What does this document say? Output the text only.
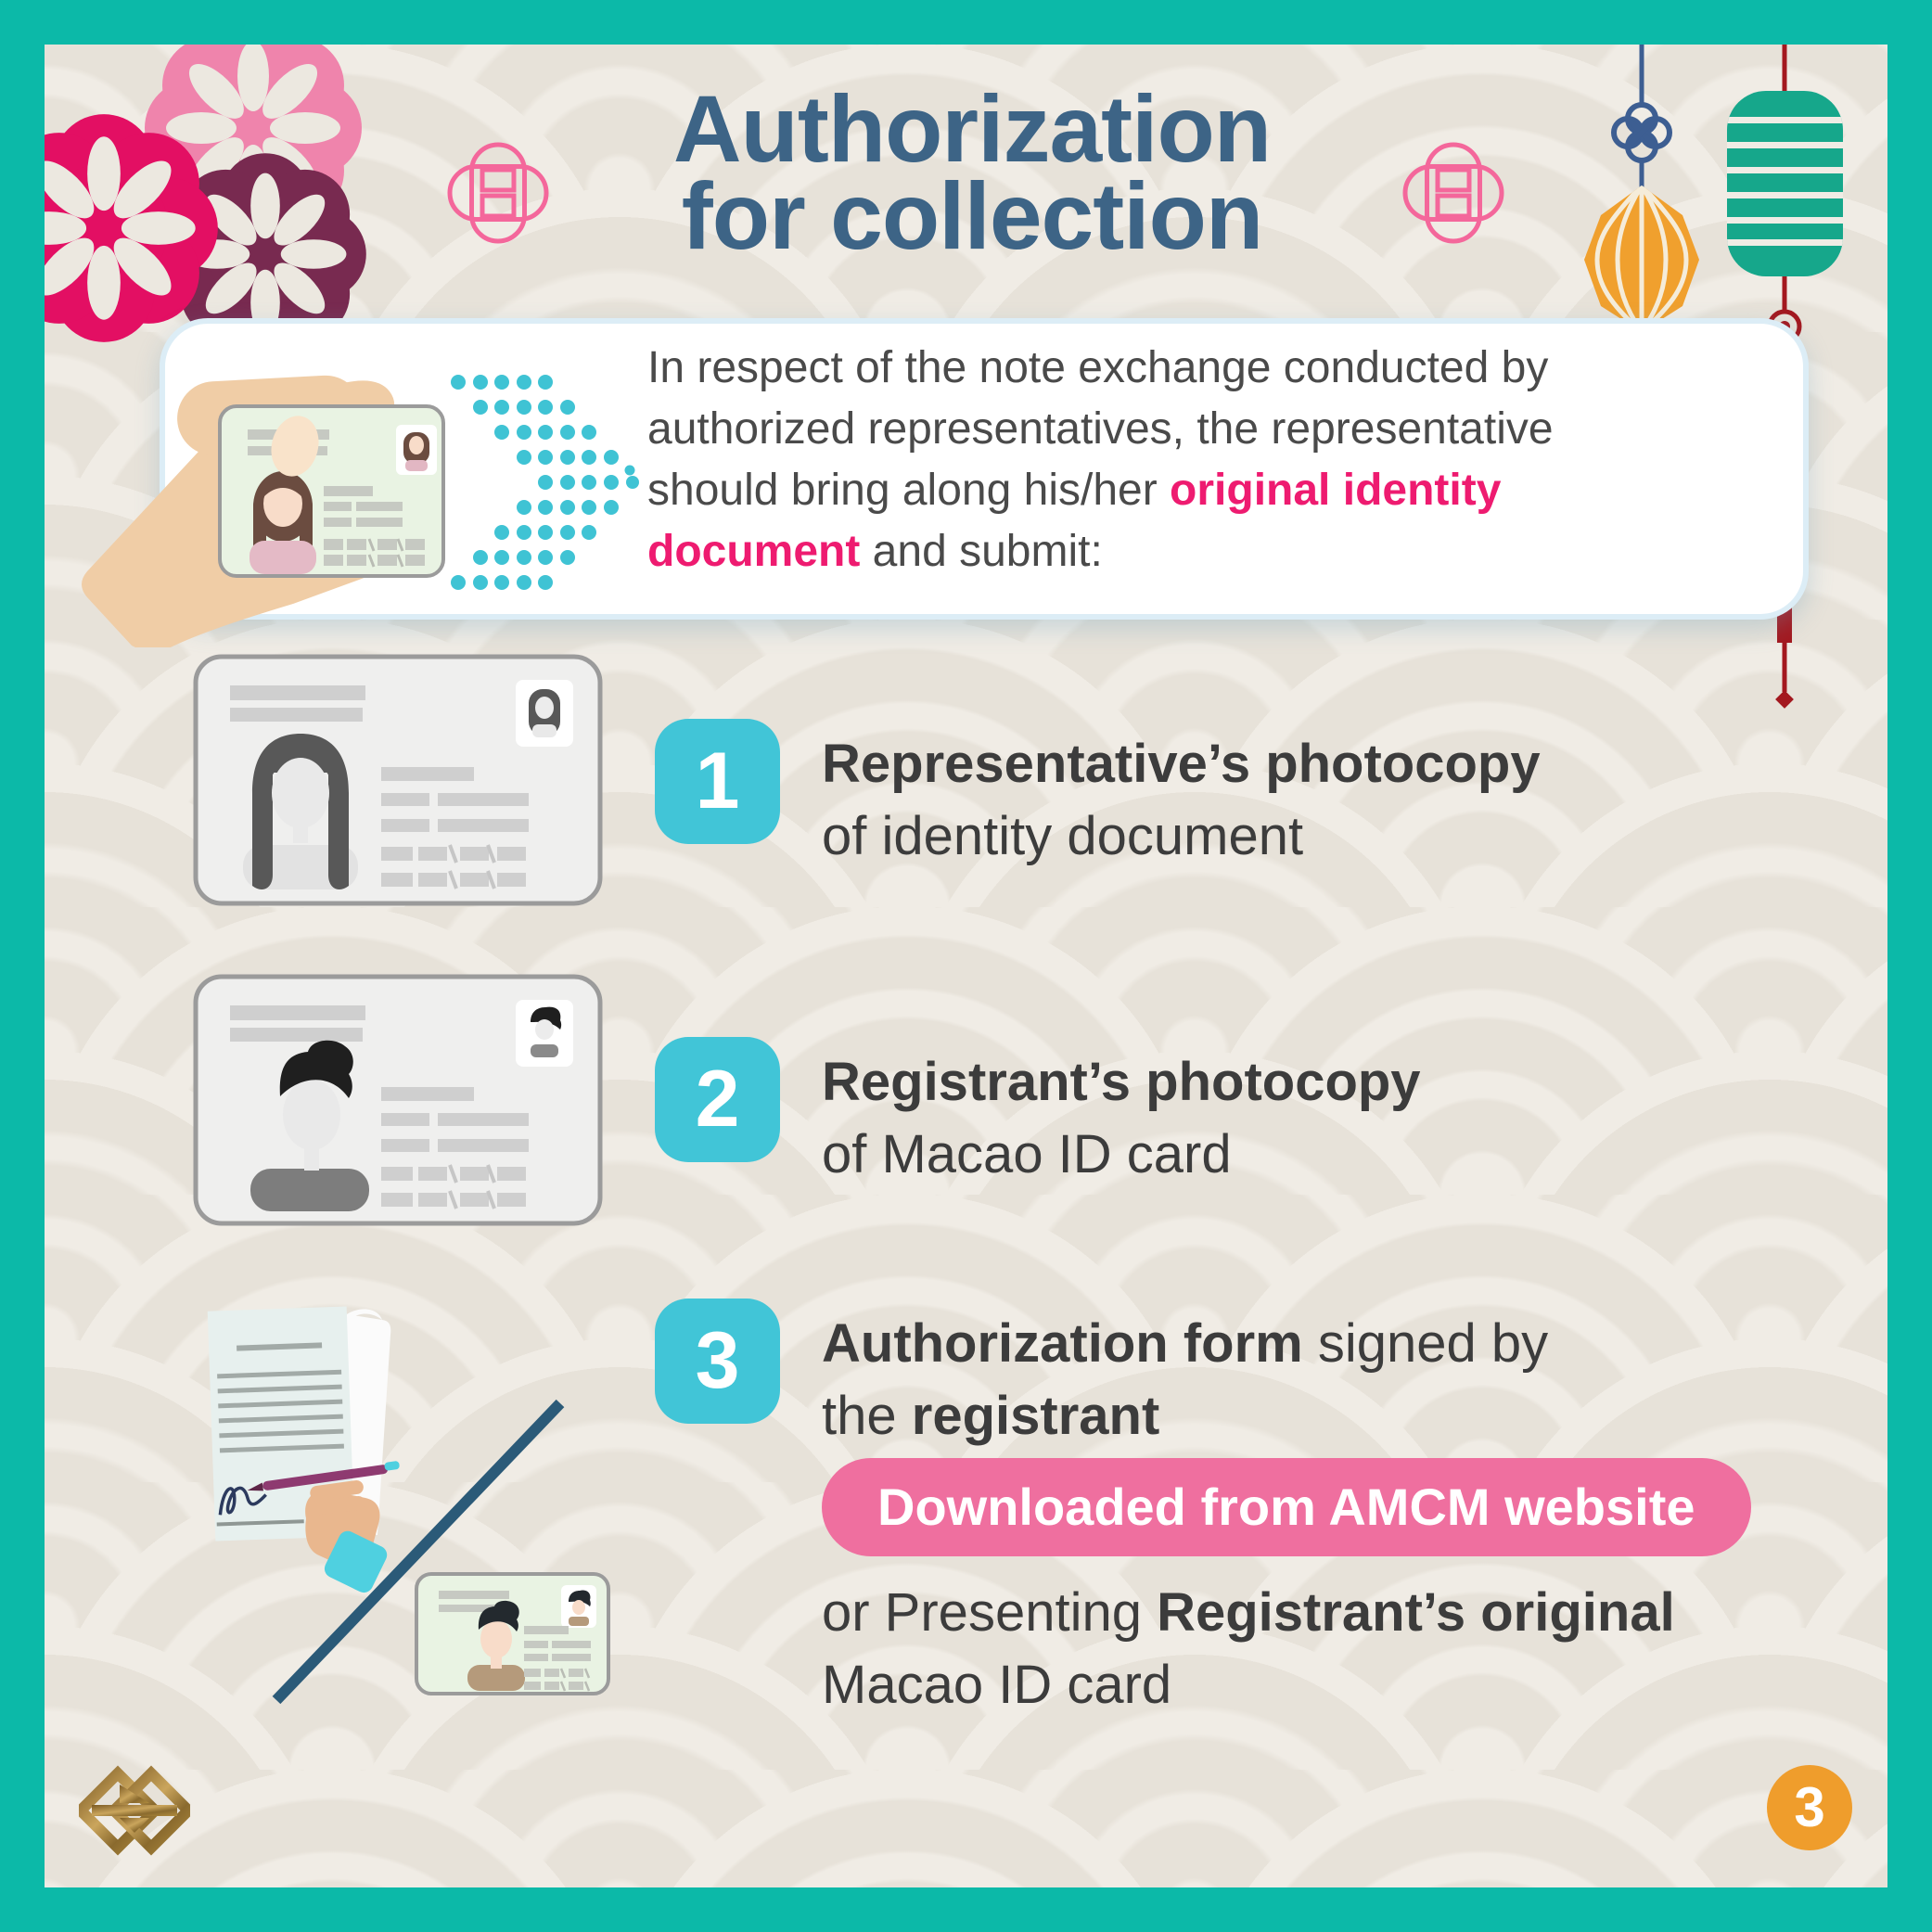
Authorization
for collection
In respect of the note exchange conducted by
authorized representatives, the representative
should bring along his/her original identity
document and submit:
1	Representative’s photocopy
of identity document
2	Registrant’s photocopy
of Macao ID card
3	Authorization form signed by
the registrant
Downloaded from AMCM website
or Presenting Registrant’s original
Macao ID card
3
